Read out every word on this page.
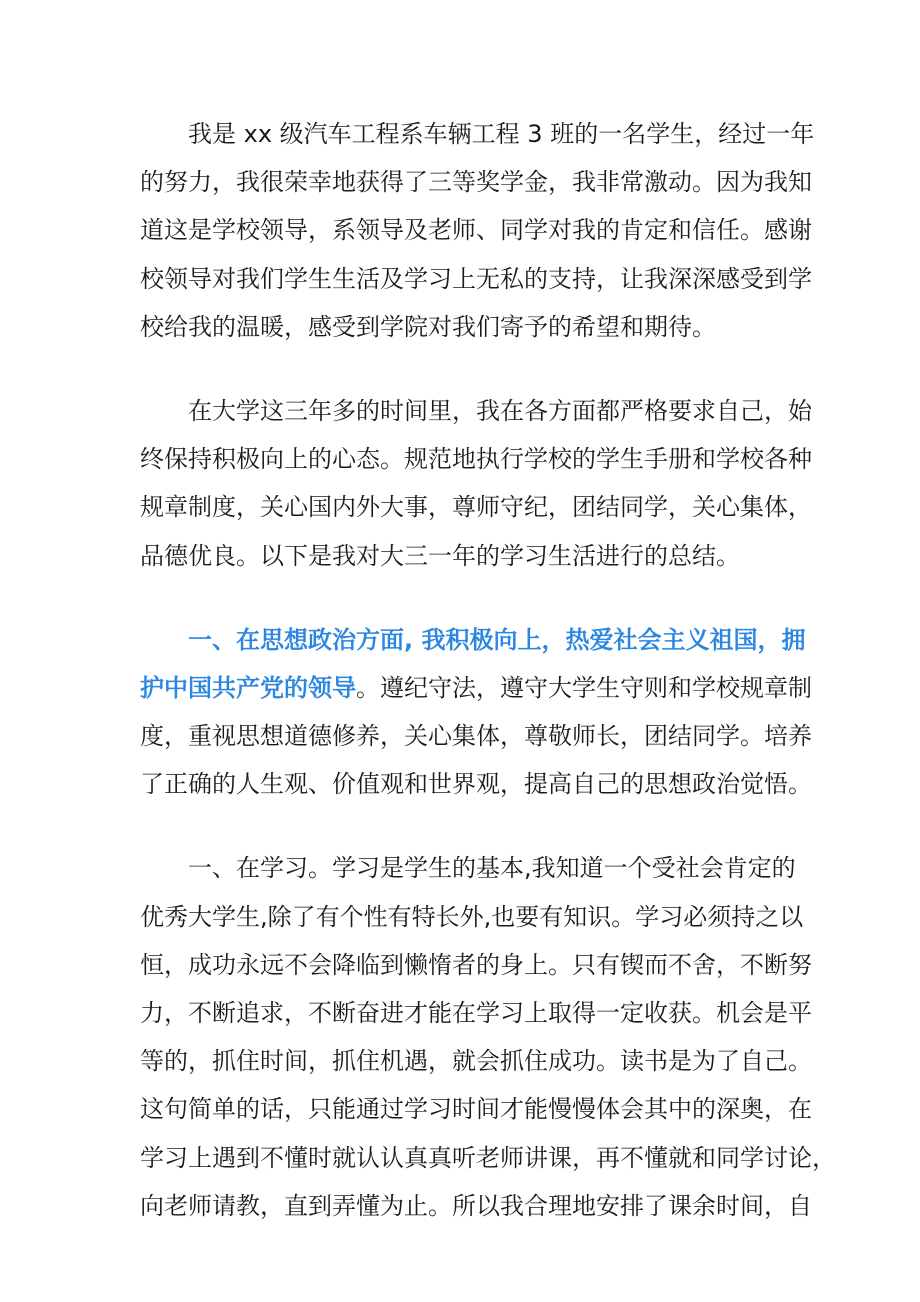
我是 xx 级汽车工程系车辆工程 3 班的一名学生，经过一年
的努力，我很荣幸地获得了三等奖学金，我非常激动。因为我知
道这是学校领导，系领导及老师、同学对我的肯定和信任。感谢
校领导对我们学生生活及学习上无私的支持，让我深深感受到学
校给我的温暖，感受到学院对我们寄予的希望和期待。
在大学这三年多的时间里，我在各方面都严格要求自己，始
终保持积极向上的心态。规范地执行学校的学生手册和学校各种
规章制度，关心国内外大事，尊师守纪，团结同学，关心集体，
品德优良。以下是我对大三一年的学习生活进行的总结。
一、在思想政治方面, 我积极向上，热爱社会主义祖国，拥
护中国共产党的领导。遵纪守法，遵守大学生守则和学校规章制
度，重视思想道德修养，关心集体，尊敬师长，团结同学。培养
了正确的人生观、价值观和世界观，提高自己的思想政治觉悟。
一、在学习。学习是学生的基本,我知道一个受社会肯定的
优秀大学生,除了有个性有特长外,也要有知识。学习必须持之以
恒，成功永远不会降临到懒惰者的身上。只有锲而不舍，不断努
力，不断追求，不断奋进才能在学习上取得一定收获。机会是平
等的，抓住时间，抓住机遇，就会抓住成功。读书是为了自己。
这句简单的话，只能通过学习时间才能慢慢体会其中的深奥，在
学习上遇到不懂时就认认真真听老师讲课，再不懂就和同学讨论，
向老师请教，直到弄懂为止。所以我合理地安排了课余时间，自
